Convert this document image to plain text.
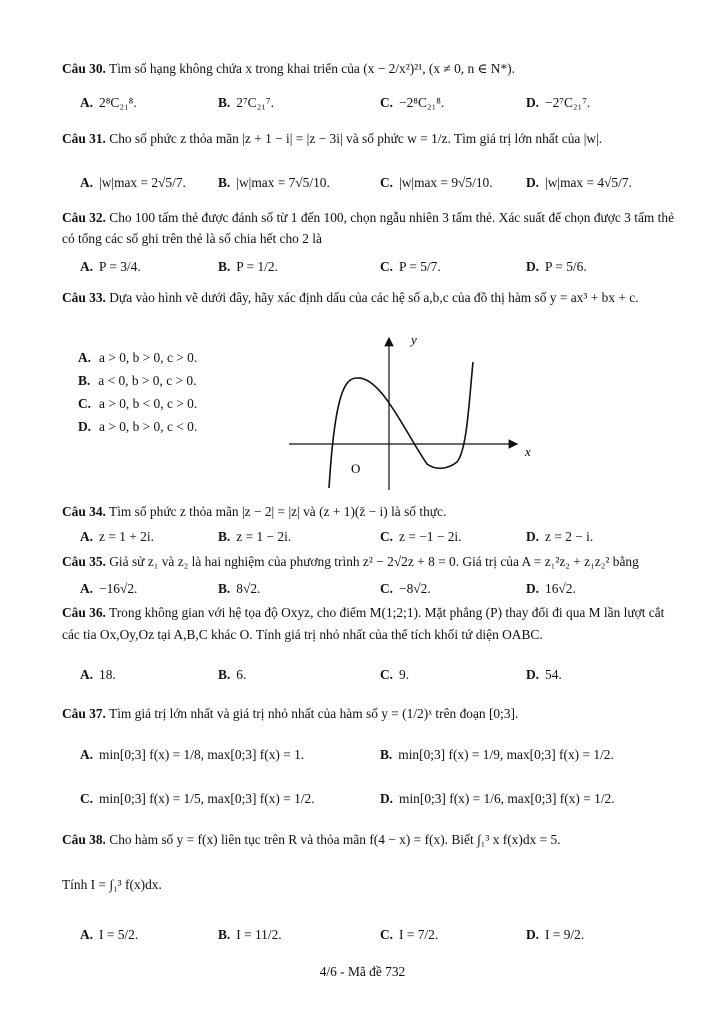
Câu 30. Tìm số hạng không chứa x trong khai triển của (x − 2/x²)²¹, (x ≠ 0, n ∈ N*).
A. 2⁸C₂₁⁸.	B. 2⁷C₂₁⁷.	C. −2⁸C₂₁⁸.	D. −2⁷C₂₁⁷.
Câu 31. Cho số phức z thỏa mãn |z + 1 − i| = |z − 3i| và số phức w = 1/z. Tìm giá trị lớn nhất của |w|.
A. |w|max = 2√5/7. B. |w|max = 7√5/10.	C. |w|max = 9√5/10. D. |w|max = 4√5/7.
Câu 32. Cho 100 tấm thẻ được đánh số từ 1 đến 100, chọn ngẫu nhiên 3 tấm thẻ. Xác suất để chọn được 3 tấm thẻ có tổng các số ghi trên thẻ là số chia hết cho 2 là
A. P = 3/4.	B. P = 1/2.	C. P = 5/7.	D. P = 5/6.
Câu 33. Dựa vào hình vẽ dưới đây, hãy xác định dấu của các hệ số a,b,c của đồ thị hàm số y = ax³ + bx + c.
A. a > 0, b > 0, c > 0.
B. a < 0, b > 0, c > 0.
C. a > 0, b < 0, c > 0.
D. a > 0, b > 0, c < 0.
y
x
O
Câu 34. Tìm số phức z thỏa mãn |z − 2| = |z| và (z + 1)(z̄ − i) là số thực.
A. z = 1 + 2i.	B. z = 1 − 2i.	C. z = −1 − 2i.	D. z = 2 − i.
Câu 35. Giả sử z₁ và z₂ là hai nghiệm của phương trình z² − 2√2z + 8 = 0. Giá trị của A = z₁²z₂ + z₁z₂² bằng
A. −16√2.	B. 8√2.	C. −8√2.	D. 16√2.
Câu 36. Trong không gian với hệ tọa độ Oxyz, cho điểm M(1;2;1). Mặt phẳng (P) thay đổi đi qua M lần lượt cắt các tia Ox,Oy,Oz tại A,B,C khác O. Tính giá trị nhỏ nhất của thể tích khối tứ diện OABC.
A. 18.	B. 6.	C. 9.	D. 54.
Câu 37. Tìm giá trị lớn nhất và giá trị nhỏ nhất của hàm số y = (1/2)ˣ trên đoạn [0;3].
A. min[0;3] f(x) = 1/8, max[0;3] f(x) = 1.	B. min[0;3] f(x) = 1/9, max[0;3] f(x) = 1/2.
C. min[0;3] f(x) = 1/5, max[0;3] f(x) = 1/2.	D. min[0;3] f(x) = 1/6, max[0;3] f(x) = 1/2.
Câu 38. Cho hàm số y = f(x) liên tục trên R và thỏa mãn f(4 − x) = f(x). Biết ∫₁³ x f(x)dx = 5.
Tính I = ∫₁³ f(x)dx.
A. I = 5/2.	B. I = 11/2.	C. I = 7/2.	D. I = 9/2.
4/6 - Mã đề 732
